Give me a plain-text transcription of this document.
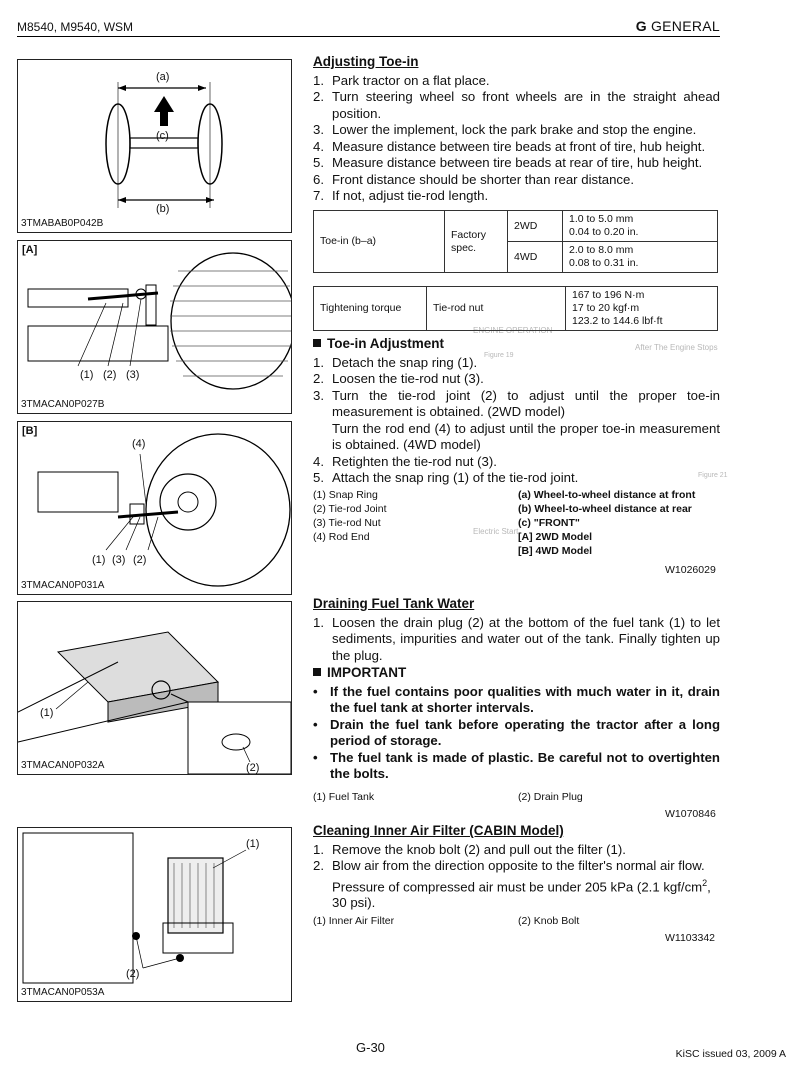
M8540, M9540, WSM	G GENERAL
(a)
(c)
(b)
3TMABAB0P042B
[A]
(1) (2) (3)
3TMACAN0P027B
[B]
(4)
(1) (3) (2)
3TMACAN0P031A
(1)
(2)
3TMACAN0P032A
(1)
(2)
3TMACAN0P053A
ENGINE OPERATION
After The Engine Stops
Figure 19
Figure 21
Electric Start
Adjusting Toe-in
1. Park tractor on a flat place.
2. Turn steering wheel so front wheels are in the straight ahead position.
3. Lower the implement, lock the park brake and stop the engine.
4. Measure distance between tire beads at front of tire, hub height.
5. Measure distance between tire beads at rear of tire, hub height.
6. Front distance should be shorter than rear distance.
7. If not, adjust tie-rod length.
Toe-in (b–a)	Factory spec.	2WD	1.0 to 5.0 mm
0.04 to 0.20 in.

		4WD	2.0 to 8.0 mm
0.08 to 0.31 in.
Tightening torque	Tie-rod nut	
167 to 196 N·m
17 to 20 kgf·m
123.2 to 144.6 lbf·ft
Toe-in Adjustment
1. Detach the snap ring (1).
2. Loosen the tie-rod nut (3).
3. Turn the tie-rod joint (2) to adjust until the proper toe-in measurement is obtained. (2WD model)
Turn the rod end (4) to adjust until the proper toe-in measurement is obtained. (4WD model)
4. Retighten the tie-rod nut (3).
5. Attach the snap ring (1) of the tie-rod joint.
(1) Snap Ring
(2) Tie-rod Joint
(3) Tie-rod Nut
(4) Rod End
(a) Wheel-to-wheel distance at front
(b) Wheel-to-wheel distance at rear
(c) "FRONT"
[A] 2WD Model
[B] 4WD Model
W1026029
Draining Fuel Tank Water
1. Loosen the drain plug (2) at the bottom of the fuel tank (1) to let sediments, impurities and water out of the tank. Finally tighten up the plug.
IMPORTANT
• If the fuel contains poor qualities with much water in it, drain the fuel tank at shorter intervals.
• Drain the fuel tank before operating the tractor after a long period of storage.
• The fuel tank is made of plastic. Be careful not to overtighten the bolts.
(1) Fuel Tank	(2) Drain Plug
W1070846
Cleaning Inner Air Filter (CABIN Model)
1. Remove the knob bolt (2) and pull out the filter (1).
2. Blow air from the direction opposite to the filter's normal air flow. Pressure of compressed air must be under 205 kPa (2.1 kgf/$cm^2$, 30 psi).
(1) Inner Air Filter	(2) Knob Bolt
W1103342
G-30	KiSC issued 03, 2009 A
